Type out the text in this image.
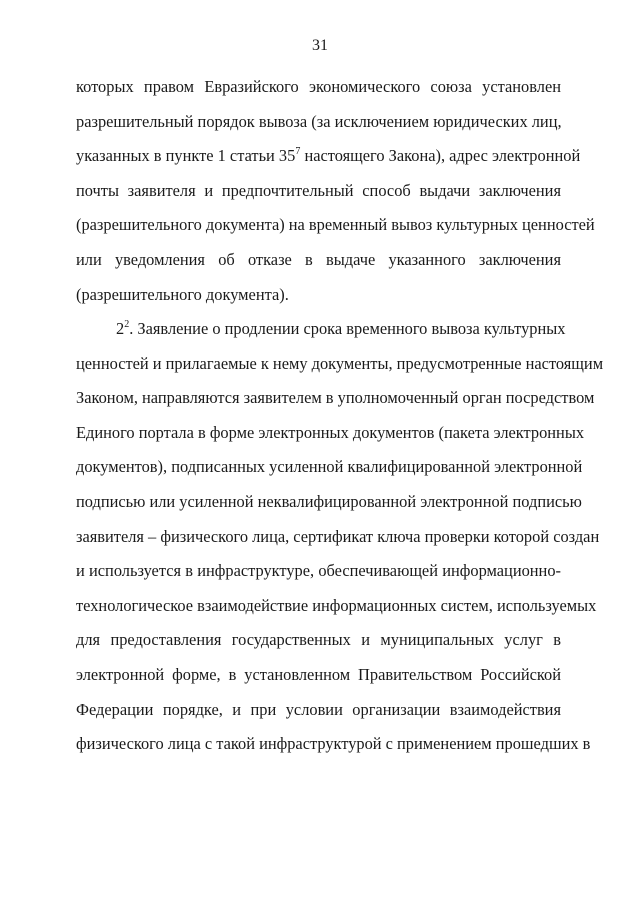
31
которых правом Евразийского экономического союза установлен
разрешительный порядок вывоза (за исключением юридических лиц,
указанных в пункте 1 статьи $35^7$ настоящего Закона), адрес электронной
почты заявителя и предпочтительный способ выдачи заключения
(разрешительного документа) на временный вывоз культурных ценностей
или уведомления об отказе в выдаче указанного заключения
(разрешительного документа).
$2^2$. Заявление о продлении срока временного вывоза культурных
ценностей и прилагаемые к нему документы, предусмотренные настоящим
Законом, направляются заявителем в уполномоченный орган посредством
Единого портала в форме электронных документов (пакета электронных
документов), подписанных усиленной квалифицированной электронной
подписью или усиленной неквалифицированной электронной подписью
заявителя – физического лица, сертификат ключа проверки которой создан
и используется в инфраструктуре, обеспечивающей информационно-
технологическое взаимодействие информационных систем, используемых
для предоставления государственных и муниципальных услуг в
электронной форме, в установленном Правительством Российской
Федерации порядке, и при условии организации взаимодействия
физического лица с такой инфраструктурой с применением прошедших в
